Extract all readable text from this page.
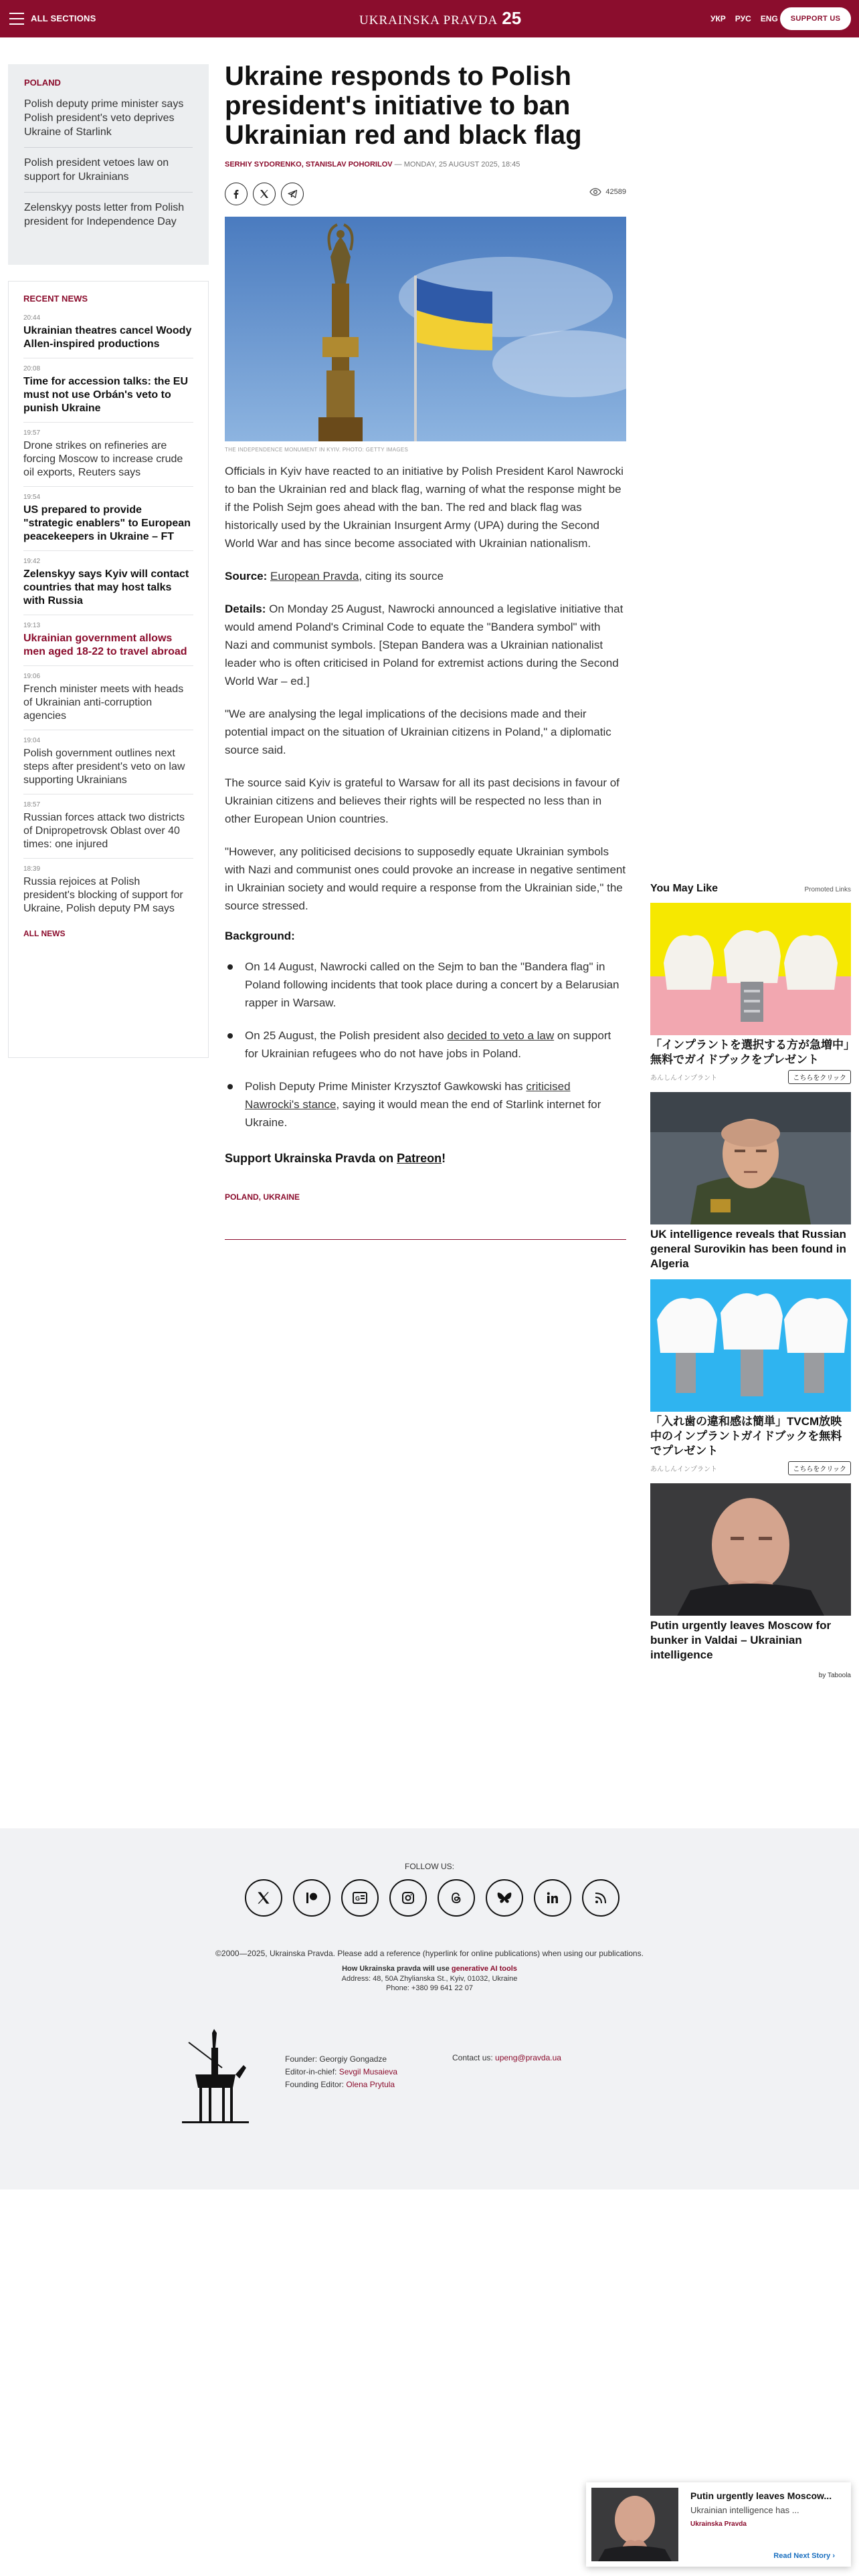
ALL SECTIONS	UKRAINSKA PRAVDA 25	УКР РУС ENG	SUPPORT US
POLAND
Polish deputy prime minister says Polish president's veto deprives Ukraine of Starlink
Polish president vetoes law on support for Ukrainians
Zelenskyy posts letter from Polish president for Independence Day
RECENT NEWS
20:44
Ukrainian theatres cancel Woody Allen-inspired productions
20:08
Time for accession talks: the EU must not use Orbán's veto to punish Ukraine
19:57
Drone strikes on refineries are forcing Moscow to increase crude oil exports, Reuters says
19:54
US prepared to provide "strategic enablers" to European peacekeepers in Ukraine – FT
19:42
Zelenskyy says Kyiv will contact countries that may host talks with Russia
19:13
Ukrainian government allows men aged 18-22 to travel abroad
19:06
French minister meets with heads of Ukrainian anti-corruption agencies
19:04
Polish government outlines next steps after president's veto on law supporting Ukrainians
18:57
Russian forces attack two districts of Dnipropetrovsk Oblast over 40 times: one injured
18:39
Russia rejoices at Polish president's blocking of support for Ukraine, Polish deputy PM says
ALL NEWS
Ukraine responds to Polish president's initiative to ban Ukrainian red and black flag
SERHIY SYDORENKO, STANISLAV POHORILOV — MONDAY, 25 AUGUST 2025, 18:45
42589
THE INDEPENDENCE MONUMENT IN KYIV. PHOTO: GETTY IMAGES

Officials in Kyiv have reacted to an initiative by Polish President Karol Nawrocki to ban the Ukrainian red and black flag, warning of what the response might be if the Polish Sejm goes ahead with the ban. The red and black flag was historically used by the Ukrainian Insurgent Army (UPA) during the Second World War and has since become associated with Ukrainian nationalism.

Source: European Pravda, citing its source

Details: On Monday 25 August, Nawrocki announced a legislative initiative that would amend Poland's Criminal Code to equate the "Bandera symbol" with Nazi and communist symbols. [Stepan Bandera was a Ukrainian nationalist leader who is often criticised in Poland for extremist actions during the Second World War – ed.]

"We are analysing the legal implications of the decisions made and their potential impact on the situation of Ukrainian citizens in Poland," a diplomatic source said.

The source said Kyiv is grateful to Warsaw for all its past decisions in favour of Ukrainian citizens and believes their rights will be respected no less than in other European Union countries.

"However, any politicised decisions to supposedly equate Ukrainian symbols with Nazi and communist ones could provoke an increase in negative sentiment in Ukrainian society and would require a response from the Ukrainian side," the source stressed.

Background:
On 14 August, Nawrocki called on the Sejm to ban the "Bandera flag" in Poland following incidents that took place during a concert by a Belarusian rapper in Warsaw.
On 25 August, the Polish president also decided to veto a law on support for Ukrainian refugees who do not have jobs in Poland.
Polish Deputy Prime Minister Krzysztof Gawkowski has criticised Nawrocki's stance, saying it would mean the end of Starlink internet for Ukraine.
Support Ukrainska Pravda on Patreon!
POLAND, UKRAINE
You May Like	Promoted Links
「インプラントを選択する方が急増中」無料でガイドブックをプレゼント
あんしんインプラント	こちらをクリック
UK intelligence reveals that Russian general Surovikin has been found in Algeria
「入れ歯の違和感は簡単」TVCM放映中のインプラントガイドブックを無料でプレゼント
あんしんインプラント	こちらをクリック
Putin urgently leaves Moscow for bunker in Valdai – Ukrainian intelligence
by Taboola
FOLLOW US:
G
©2000—2025, Ukrainska Pravda. Please add a reference (hyperlink for online publications) when using our publications.
How Ukrainska pravda will use generative AI tools
Address: 48, 50A Zhylianska St., Kyiv, 01032, Ukraine
Phone: +380 99 641 22 07
Founder: Georgiy Gongadze
Editor-in-chief: Sevgil Musaieva
Founding Editor: Olena Prytula
Contact us: upeng@pravda.ua
Putin urgently leaves Moscow...
Ukrainian intelligence has ...
Ukrainska Pravda
Read Next Story ›
